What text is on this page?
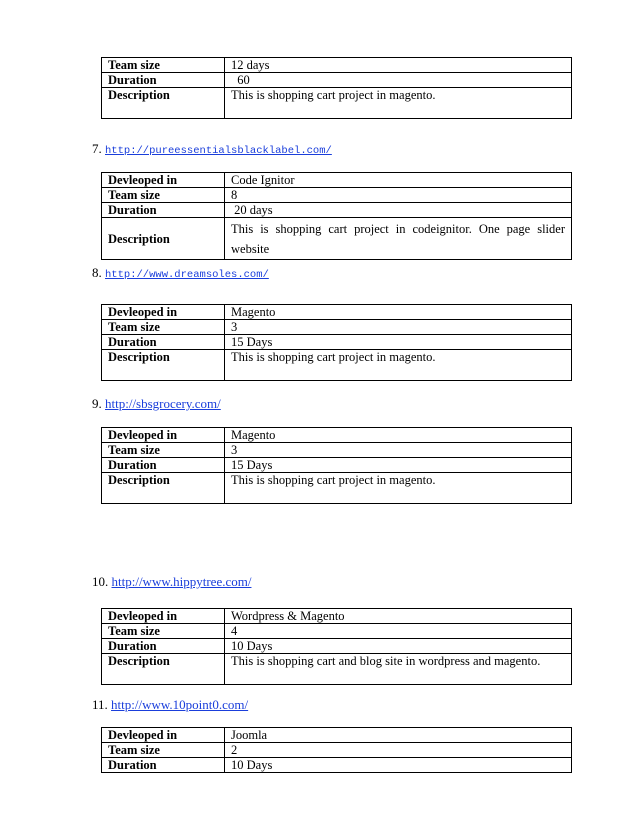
Team size	12 days
Duration	60
Description	This is shopping cart project in magento.
7. http://pureessentialsblacklabel.com/
Devleoped in	Code Ignitor
Team size	8
Duration	20 days
Description	This is shopping cart project in codeignitor. One page slider website
8. http://www.dreamsoles.com/
Devleoped in	Magento
Team size	3
Duration	15 Days
Description	This is shopping cart project in magento.
9. http://sbsgrocery.com/
Devleoped in	Magento
Team size	3
Duration	15 Days
Description	This is shopping cart project in magento.
10. http://www.hippytree.com/
Devleoped in	Wordpress & Magento
Team size	4
Duration	10 Days
Description	This is shopping cart and blog site in wordpress and magento.
11. http://www.10point0.com/
Devleoped in	Joomla
Team size	2
Duration	10 Days
